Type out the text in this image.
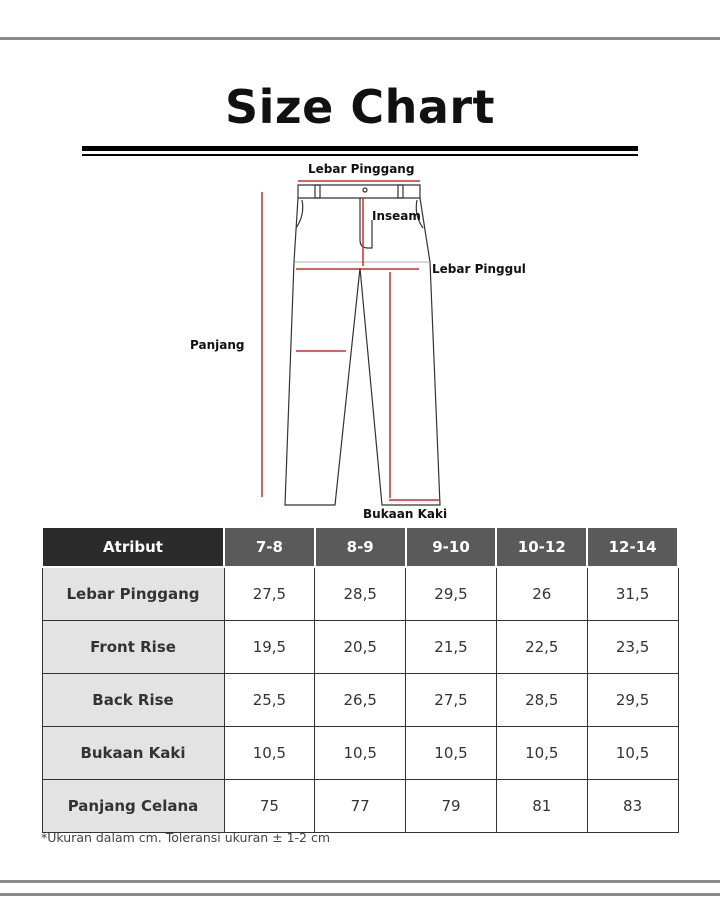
Size Chart
Lebar Pinggang
Inseam
Lebar Pinggul
Panjang
Bukaan Kaki
Atribut	7-8	8-9	9-10	10-12	12-14
Lebar Pinggang	27,5	28,5	29,5	26	31,5
Front Rise	19,5	20,5	21,5	22,5	23,5
Back Rise	25,5	26,5	27,5	28,5	29,5
Bukaan Kaki	10,5	10,5	10,5	10,5	10,5
Panjang Celana	75	77	79	81	83
*Ukuran dalam cm. Toleransi ukuran ± 1-2 cm
